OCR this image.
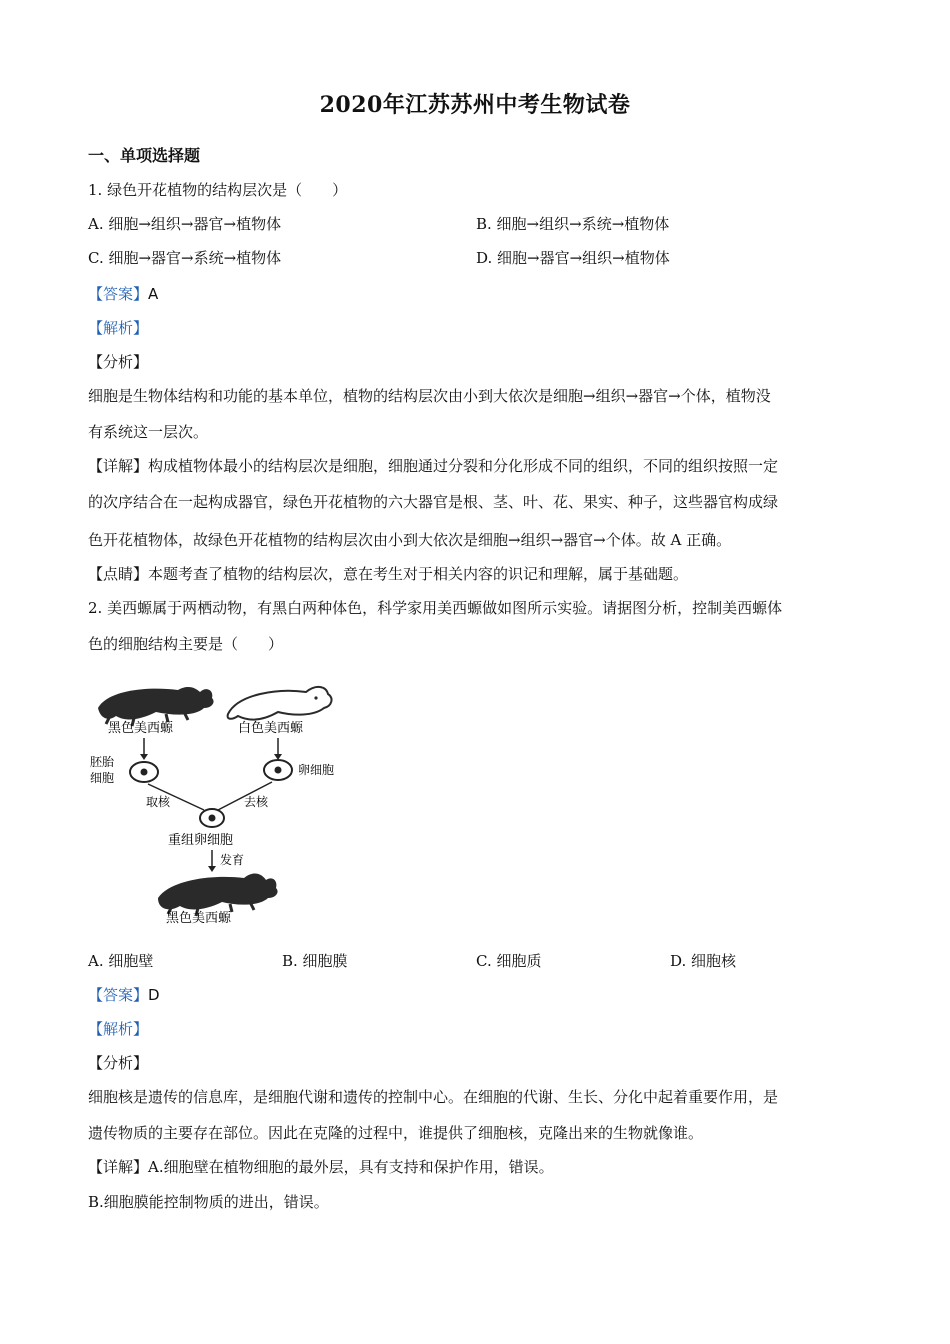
2020年江苏苏州中考生物试卷
一、单项选择题
1. 绿色开花植物的结构层次是（　　）
A. 细胞→组织→器官→植物体	B. 细胞→组织→系统→植物体
C. 细胞→器官→系统→植物体	D. 细胞→器官→组织→植物体
【答案】A
【解析】
【分析】
细胞是生物体结构和功能的基本单位，植物的结构层次由小到大依次是细胞→组织→器官→个体，植物没
有系统这一层次。
【详解】构成植物体最小的结构层次是细胞，细胞通过分裂和分化形成不同的组织，不同的组织按照一定
的次序结合在一起构成器官，绿色开花植物的六大器官是根、茎、叶、花、果实、种子，这些器官构成绿
色开花植物体，故绿色开花植物的结构层次由小到大依次是细胞→组织→器官→个体。故 A 正确。
【点睛】本题考查了植物的结构层次，意在考生对于相关内容的识记和理解，属于基础题。
2. 美西螈属于两栖动物，有黑白两种体色，科学家用美西螈做如图所示实验。请据图分析，控制美西螈体
色的细胞结构主要是（　　）
黑色美西螈	白色美西螈
胚胎
细胞
卵细胞
取核	去核
重组卵细胞
发育
黑色美西螈
A. 细胞壁	B. 细胞膜	C. 细胞质	D. 细胞核
【答案】D
【解析】
【分析】
细胞核是遗传的信息库，是细胞代谢和遗传的控制中心。在细胞的代谢、生长、分化中起着重要作用，是
遗传物质的主要存在部位。因此在克隆的过程中，谁提供了细胞核，克隆出来的生物就像谁。
【详解】A.细胞壁在植物细胞的最外层，具有支持和保护作用，错误。
B.细胞膜能控制物质的进出，错误。
